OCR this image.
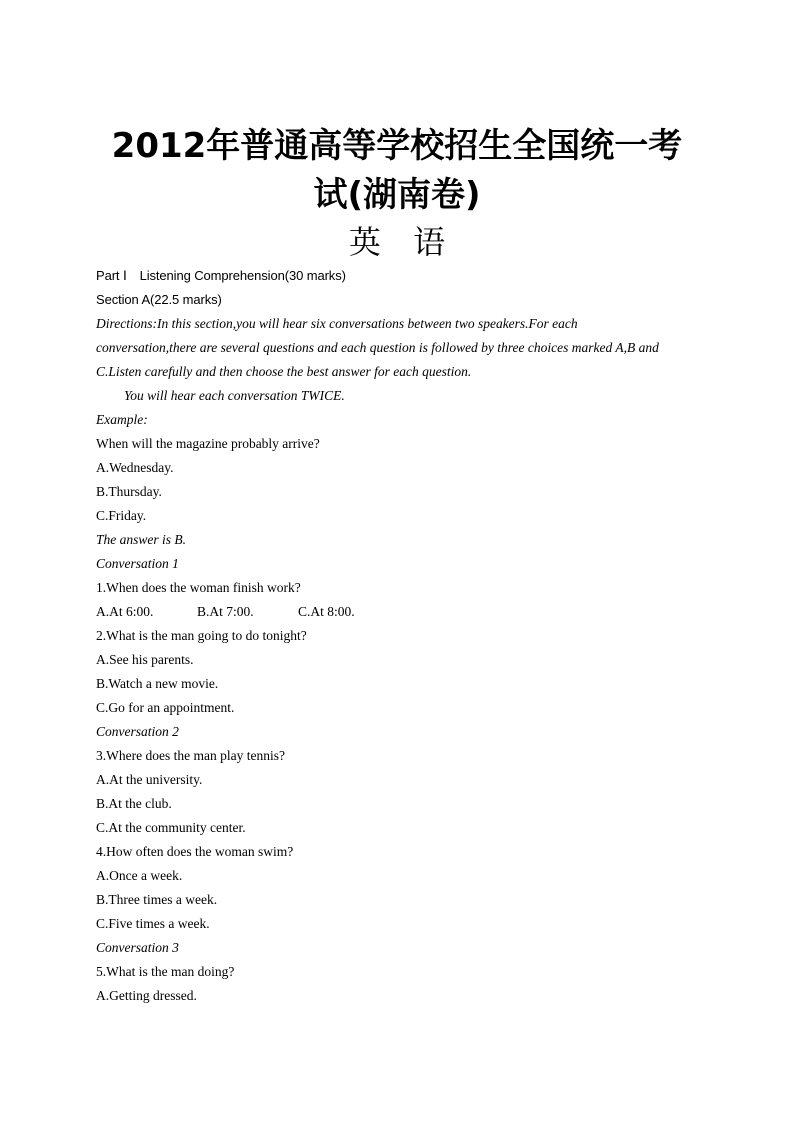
2012年普通高等学校招生全国统一考
试(湖南卷)
英 语
Part Ⅰ　Listening Comprehension(30 marks)
Section A(22.5 marks)
Directions:In this section,you will hear six conversations between two speakers.For each
conversation,there are several questions and each question is followed by three choices marked A,B and
C.Listen carefully and then choose the best answer for each question.
You will hear each conversation TWICE.
Example:
When will the magazine probably arrive?
A.Wednesday.
B.Thursday.
C.Friday.
The answer is B.
Conversation 1
1.When does the woman finish work?
A.At 6:00.	B.At 7:00.	C.At 8:00.
2.What is the man going to do tonight?
A.See his parents.
B.Watch a new movie.
C.Go for an appointment.
Conversation 2
3.Where does the man play tennis?
A.At the university.
B.At the club.
C.At the community center.
4.How often does the woman swim?
A.Once a week.
B.Three times a week.
C.Five times a week.
Conversation 3
5.What is the man doing?
A.Getting dressed.
